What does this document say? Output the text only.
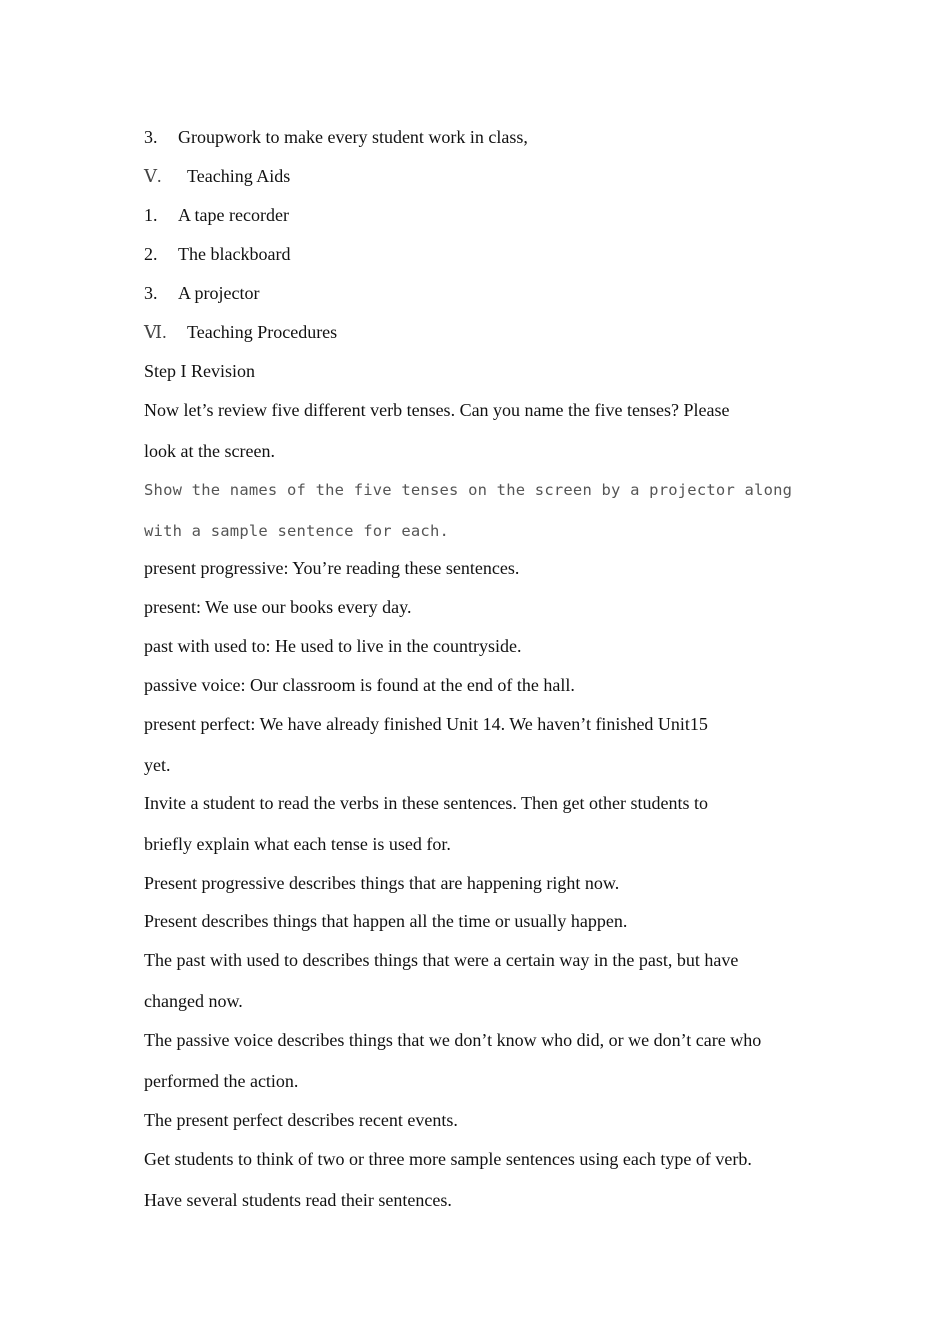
3. Groupwork to make every student work in class,
Ⅴ. Teaching Aids
1. A tape recorder
2. The blackboard
3. A projector
Ⅵ. Teaching Procedures
Step I Revision
Now let’s review five different verb tenses. Can you name the five tenses? Please
look at the screen.
Show the names of the five tenses on the screen by a projector along
with a sample sentence for each.
present progressive: You’re reading these sentences.
present: We use our books every day.
past with used to: He used to live in the countryside.
passive voice: Our classroom is found at the end of the hall.
present perfect: We have already finished Unit 14. We haven’t finished Unit15
yet.
Invite a student to read the verbs in these sentences. Then get other students to
briefly explain what each tense is used for.
Present progressive describes things that are happening right now.
Present describes things that happen all the time or usually happen.
The past with used to describes things that were a certain way in the past, but have
changed now.
The passive voice describes things that we don’t know who did, or we don’t care who
performed the action.
The present perfect describes recent events.
Get students to think of two or three more sample sentences using each type of verb.
Have several students read their sentences.
